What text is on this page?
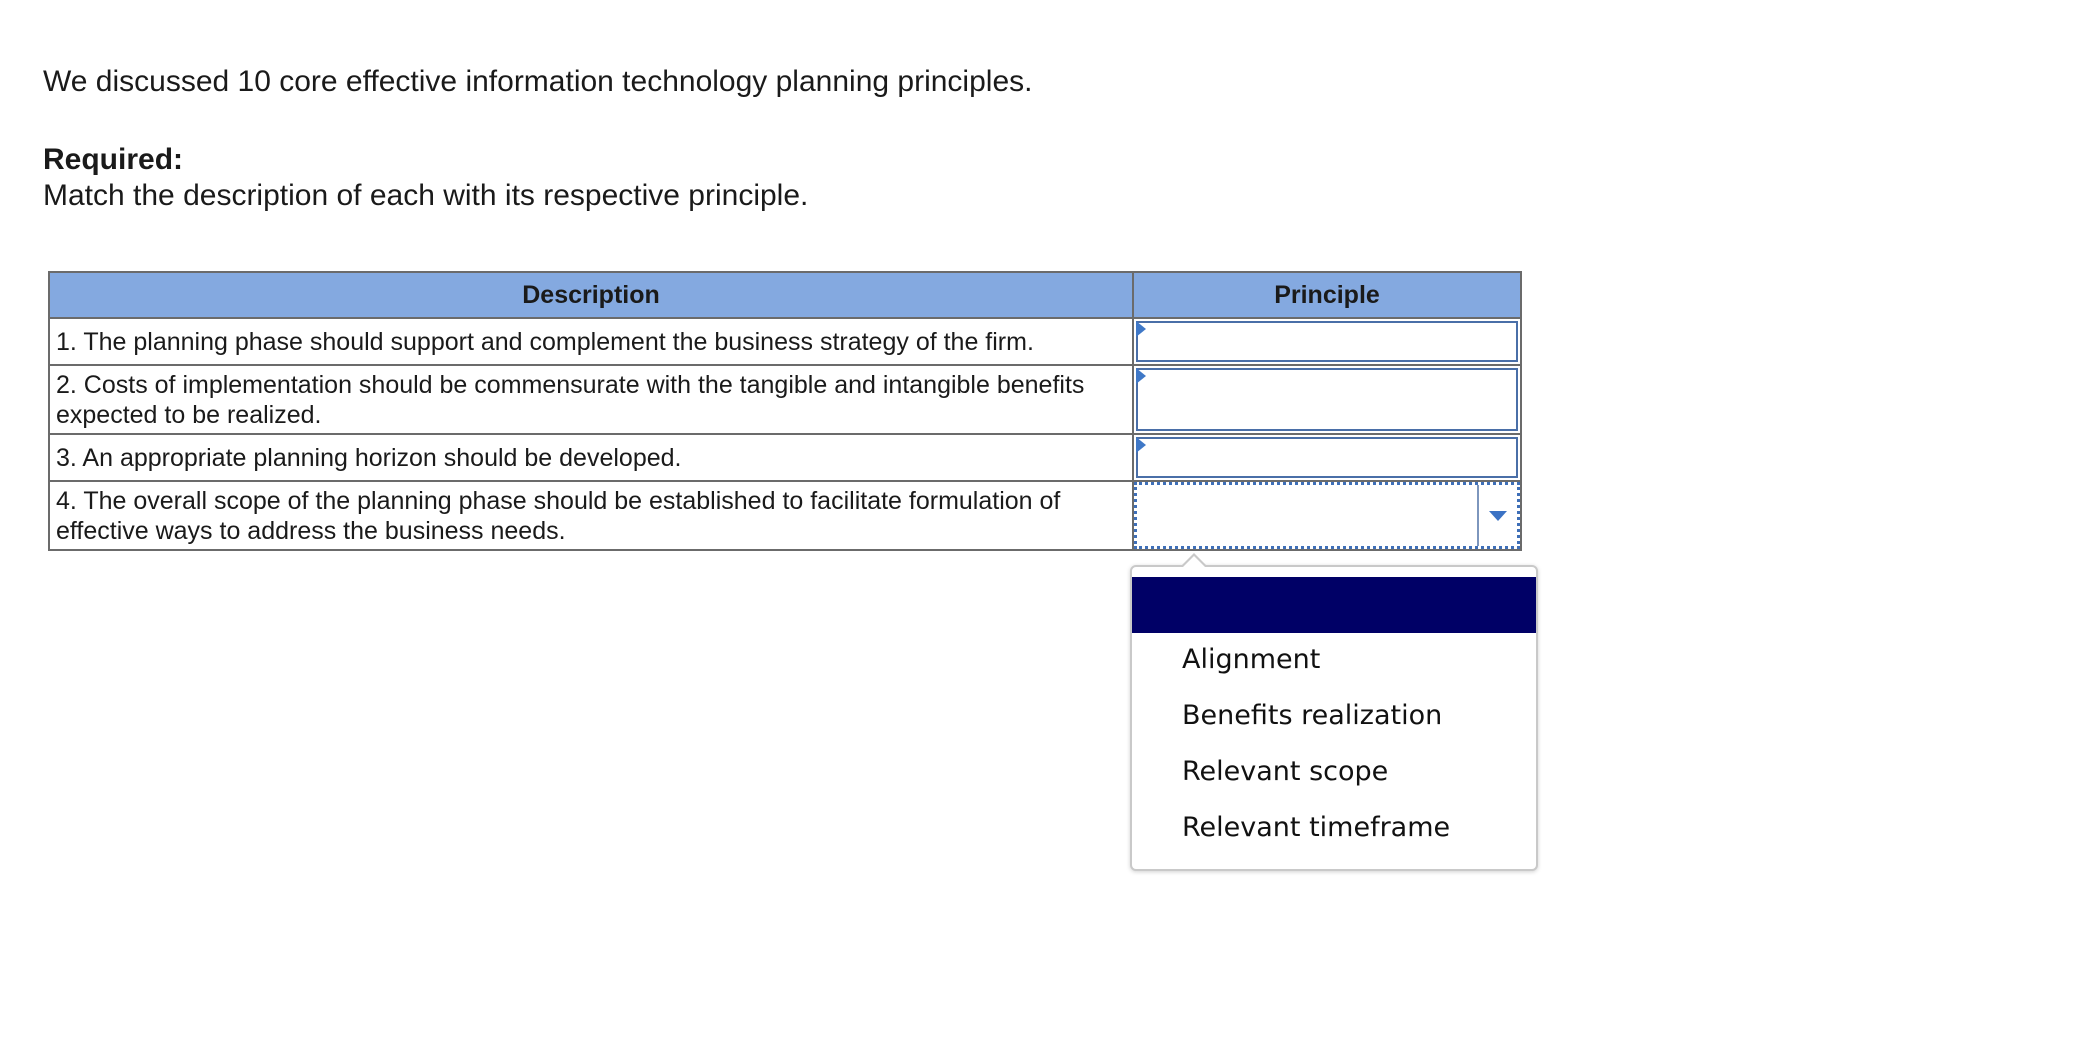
We discussed 10 core effective information technology planning principles.

Required:

Match the description of each with its respective principle.

Description	Principle
1. The planning phase should support and complement the business strategy of the firm.	

2. Costs of implementation should be commensurate with the tangible and intangible benefits expected to be realized.	

3. An appropriate planning horizon should be developed.	

4. The overall scope of the planning phase should be established to facilitate formulation of effective ways to address the business needs.	
Alignment
Benefits realization
Relevant scope
Relevant timeframe
